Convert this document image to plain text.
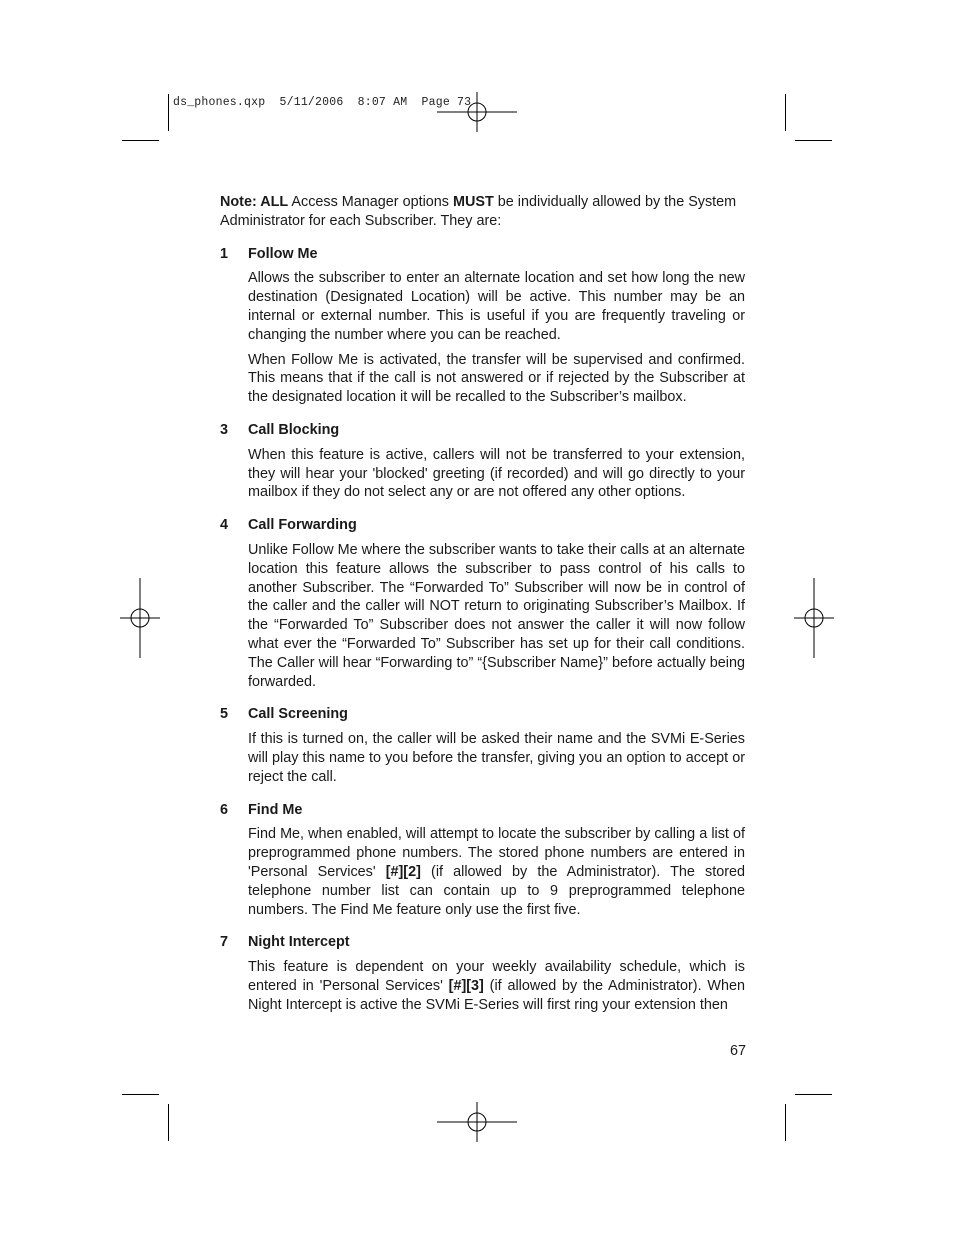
ds_phones.qxp  5/11/2006  8:07 AM  Page 73

Note: ALL Access Manager options MUST be individually allowed by the System Administrator for each Subscriber. They are:

1	Follow Me

Allows the subscriber to enter an alternate location and set how long the new destination (Designated Location) will be active. This number may be an internal or external number. This is useful if you are frequently traveling or changing the number where you can be reached.

When Follow Me is activated, the transfer will be supervised and confirmed. This means that if the call is not answered or if rejected by the Subscriber at the designated location it will be recalled to the Subscriber’s mailbox.

3	Call Blocking

When this feature is active, callers will not be transferred to your extension, they will hear your 'blocked' greeting (if recorded) and will go directly to your mailbox if they do not select any or are not offered any other options.

4	Call Forwarding

Unlike Follow Me where the subscriber wants to take their calls at an alternate location this feature allows the subscriber to pass control of his calls to another Subscriber. The “Forwarded To” Subscriber will now be in control of the caller and the caller will NOT return to originating Subscriber’s Mailbox. If the “Forwarded To” Subscriber does not answer the caller it will now follow what ever the “Forwarded To” Subscriber has set up for their call conditions. The Caller will hear “Forwarding to” “{Subscriber Name}” before actually being forwarded.

5	Call Screening

If this is turned on, the caller will be asked their name and the SVMi E-Series will play this name to you before the transfer, giving you an option to accept or reject the call.

6	Find Me

Find Me, when enabled, will attempt to locate the subscriber by calling a list of preprogrammed phone numbers. The stored phone numbers are entered in 'Personal Services' [#][2] (if allowed by the Administrator). The stored telephone number list can contain up to 9 preprogrammed telephone numbers. The Find Me feature only use the first five.

7	Night Intercept

This feature is dependent on your weekly availability schedule, which is entered in 'Personal Services' [#][3] (if allowed by the Administrator). When Night Intercept is active the SVMi E-Series will first ring your extension then

67
